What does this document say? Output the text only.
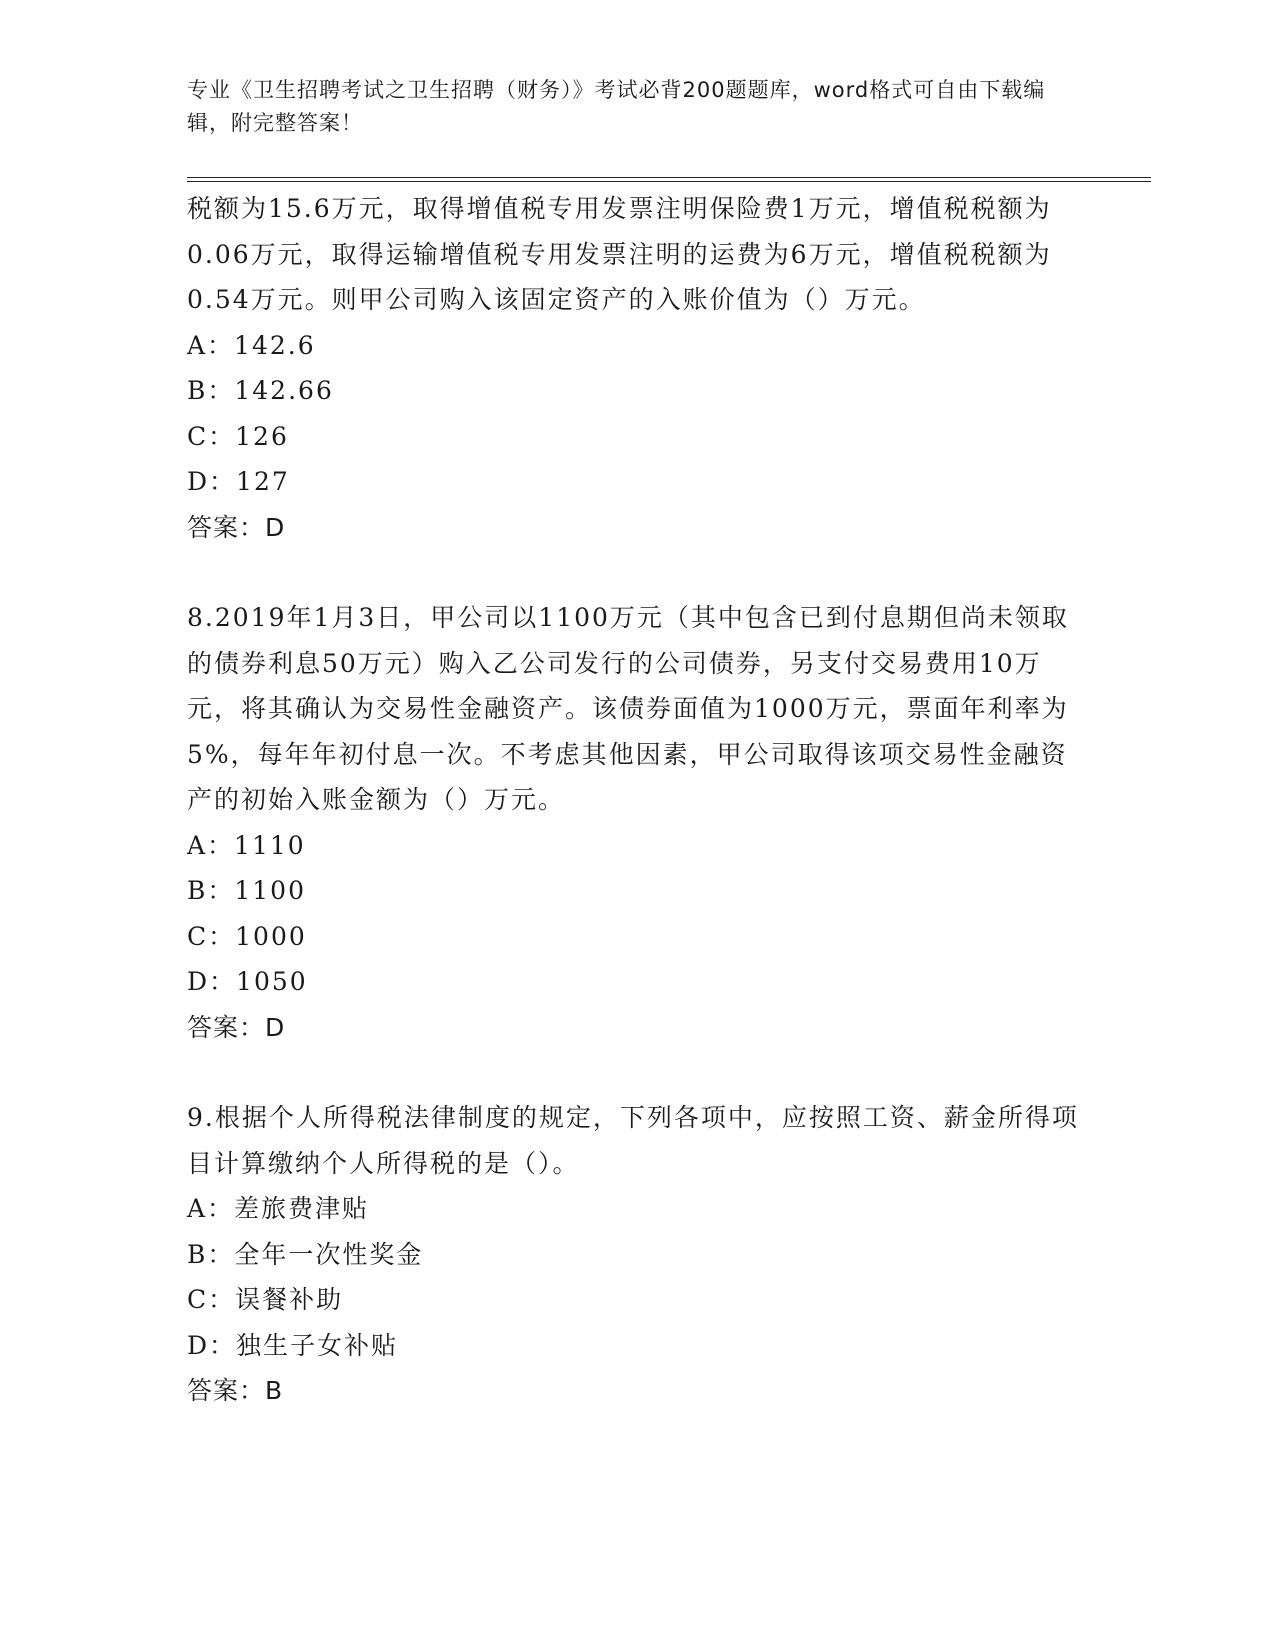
专业《卫生招聘考试之卫生招聘（财务）》考试必背200题题库，word格式可自由下载编辑，附完整答案！

税额为15.6万元，取得增值税专用发票注明保险费1万元，增值税税额为0.06万元，取得运输增值税专用发票注明的运费为6万元，增值税税额为0.54万元。则甲公司购入该固定资产的入账价值为（）万元。

A：142.6

B：142.66

C：126

D：127

答案：D

8.2019年1月3日，甲公司以1100万元（其中包含已到付息期但尚未领取的债券利息50万元）购入乙公司发行的公司债券，另支付交易费用10万元，将其确认为交易性金融资产。该债券面值为1000万元，票面年利率为5%，每年年初付息一次。不考虑其他因素，甲公司取得该项交易性金融资产的初始入账金额为（）万元。

A：1110

B：1100

C：1000

D：1050

答案：D

9.根据个人所得税法律制度的规定，下列各项中，应按照工资、薪金所得项目计算缴纳个人所得税的是（）。

A：差旅费津贴

B：全年一次性奖金

C：误餐补助

D：独生子女补贴

答案：B
